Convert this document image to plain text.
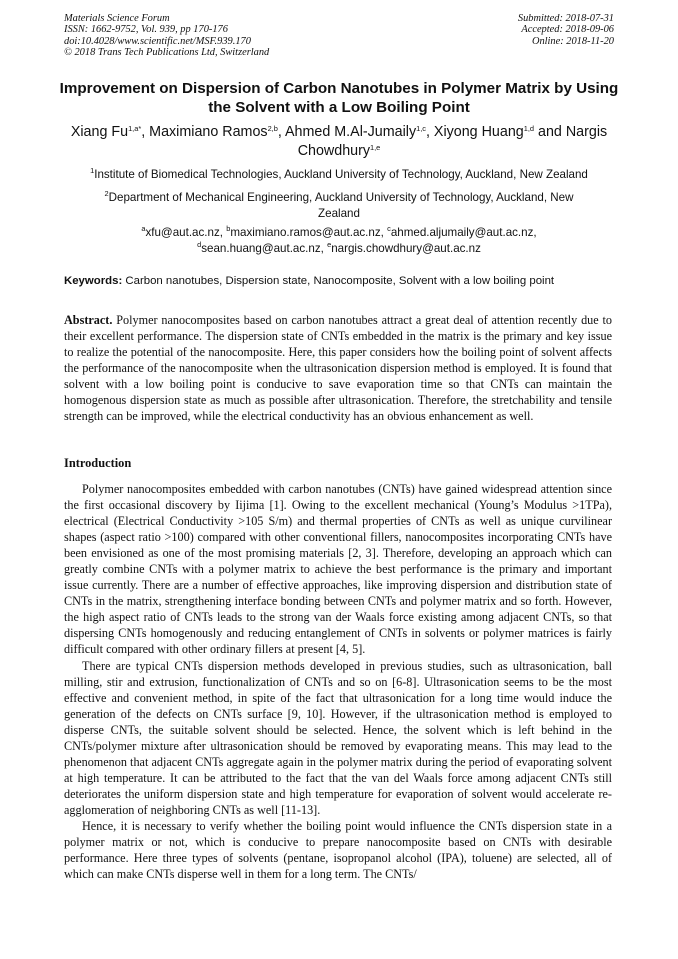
Materials Science Forum
ISSN: 1662-9752, Vol. 939, pp 170-176
doi:10.4028/www.scientific.net/MSF.939.170
© 2018 Trans Tech Publications Ltd, Switzerland
Submitted: 2018-07-31
Accepted: 2018-09-06
Online: 2018-11-20
Improvement on Dispersion of Carbon Nanotubes in Polymer Matrix by Using the Solvent with a Low Boiling Point
Xiang $Fu^{1,a*}$, Maximiano Ramos$^{2,b}$, Ahmed M.Al-Jumaily$^{1,c}$, Xiyong Huang$^{1,d}$ and Nargis Chowdhury$^{1,e}$
$^1$Institute of Biomedical Technologies, Auckland University of Technology, Auckland, New Zealand
$^2$Department of Mechanical Engineering, Auckland University of Technology, Auckland, New Zealand
$^a$xfu@aut.ac.nz, $^b$maximiano.ramos@aut.ac.nz, $^c$ahmed.aljumaily@aut.ac.nz,
$^d$sean.huang@aut.ac.nz, $^e$nargis.chowdhury@aut.ac.nz
Keywords: Carbon nanotubes, Dispersion state, Nanocomposite, Solvent with a low boiling point

Abstract. Polymer nanocomposites based on carbon nanotubes attract a great deal of attention recently due to their excellent performance. The dispersion state of CNTs embedded in the matrix is the primary and key issue to realize the potential of the nanocomposite. Here, this paper considers how the boiling point of solvent affects the performance of the nanocomposite when the ultrasonication dispersion method is employed. It is found that solvent with a low boiling point is conducive to save evaporation time so that CNTs can maintain the homogenous dispersion state as much as possible after ultrasonication. Therefore, the stretchability and tensile strength can be improved, while the electrical conductivity has an obvious enhancement as well.

Introduction

Polymer nanocomposites embedded with carbon nanotubes (CNTs) have gained widespread attention since the first occasional discovery by Iijima [1]. Owing to the excellent mechanical (Young’s Modulus >1TPa), electrical (Electrical Conductivity >105 S/m) and thermal properties of CNTs as well as unique curvilinear shapes (aspect ratio >100) compared with other conventional fillers, nanocomposites incorporating CNTs have been envisioned as one of the most promising materials [2, 3]. Therefore, developing an approach which can greatly combine CNTs with a polymer matrix to achieve the best performance is the primary and important issue currently. There are a number of effective approaches, like improving dispersion and distribution state of CNTs in the matrix, strengthening interface bonding between CNTs and polymer matrix and so forth. However, the high aspect ratio of CNTs leads to the strong van der Waals force existing among adjacent CNTs, so that dispersing CNTs homogenously and reducing entanglement of CNTs in solvents or polymer matrices is fairly difficult compared with other ordinary fillers at present [4, 5].

There are typical CNTs dispersion methods developed in previous studies, such as ultrasonication, ball milling, stir and extrusion, functionalization of CNTs and so on [6-8]. Ultrasonication seems to be the most effective and convenient method, in spite of the fact that ultrasonication for a long time would induce the generation of the defects on CNTs surface [9, 10]. However, if the ultrasonication method is employed to disperse CNTs, the suitable solvent should be selected. Hence, the solvent which is left behind in the CNTs/polymer mixture after ultrasonication should be removed by evaporating means. This may lead to the phenomenon that adjacent CNTs aggregate again in the polymer matrix during the period of evaporating solvent at high temperature. It can be attributed to the fact that the van del Waals force among adjacent CNTs still deteriorates the uniform dispersion state and high temperature for evaporation of solvent would accelerate re-agglomeration of neighboring CNTs as well [11-13].

Hence, it is necessary to verify whether the boiling point would influence the CNTs dispersion state in a polymer matrix or not, which is conducive to prepare nanocomposite based on CNTs with desirable performance. Here three types of solvents (pentane, isopropanol alcohol (IPA), toluene) are selected, all of which can make CNTs disperse well in them for a long term. The CNTs/
